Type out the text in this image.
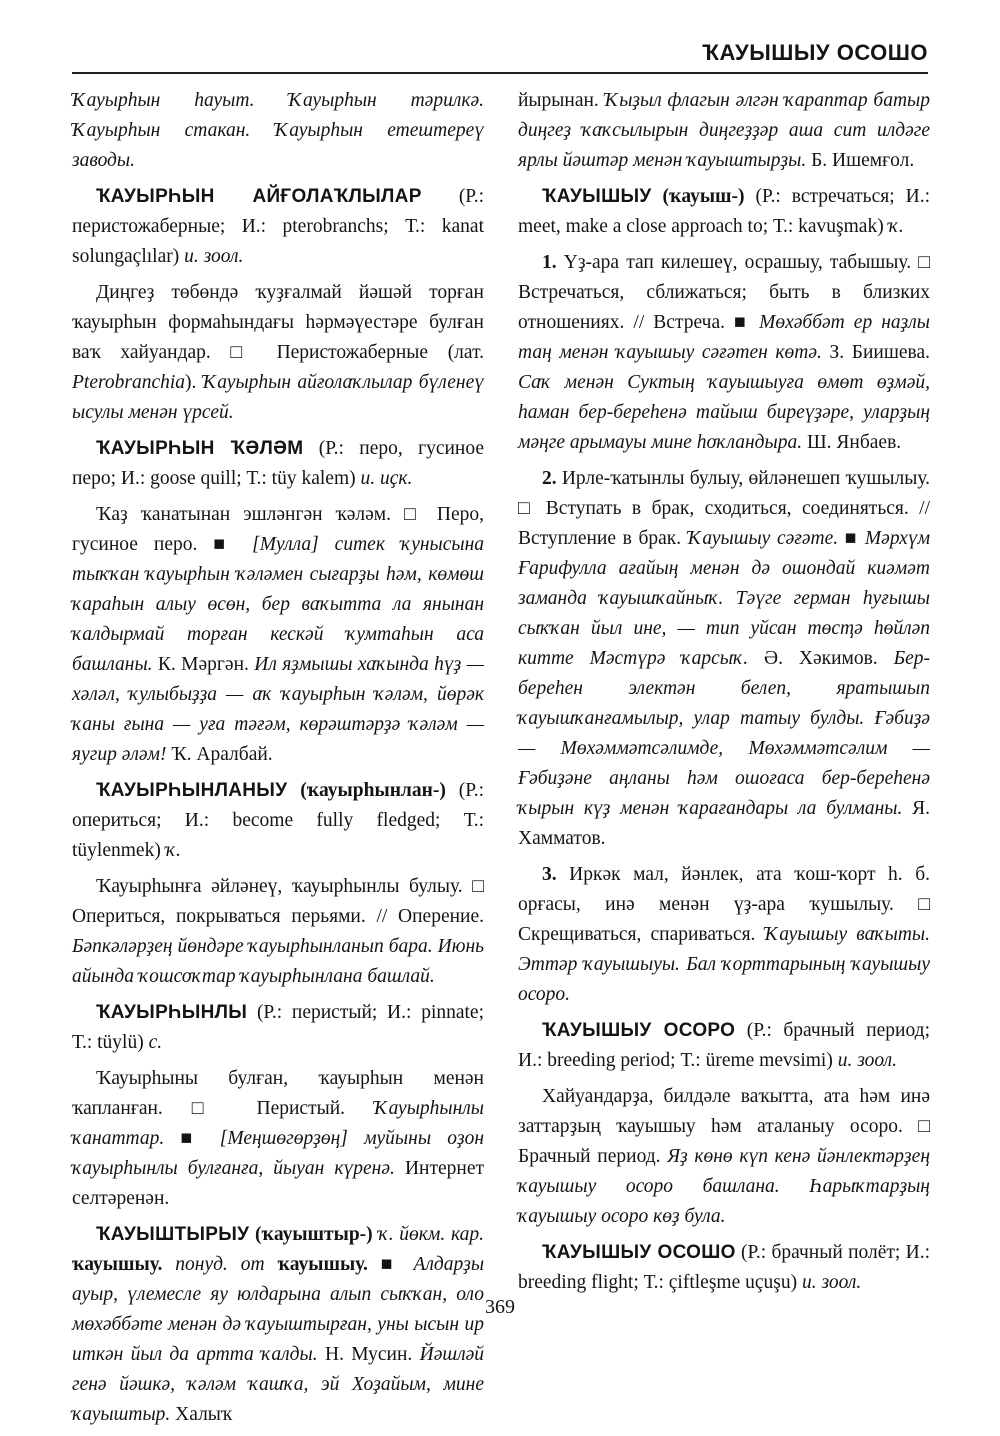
ҠАУЫШЫУ ОСОШО

Ҡауырһын һауыт. Ҡауырһын тәрилкә. Ҡауырһын стакан. Ҡауырһын етештереү заводы.

ҠАУЫРҺЫН АЙҒОЛАҠЛЫЛАР (Р.: перистожаберные; И.: pterobranchs; Т.: kanat solungaçlılar) и. зоол.

Диңгеҙ төбөндә ҡуҙғалмай йәшәй торған ҡауырһын формаһындағы һәрмәүестәре булған ваҡ хайуандар. □ Перистожаберные (лат. Pterobranchia). Ҡауырһын айғолаҡлылар бүленеү ысулы менән үрсей.

ҠАУЫРҺЫН ҠӘЛӘМ (Р.: перо, гусиное перо; И.: goose quill; Т.: tüy kalem) и. иҫк.

Ҡаҙ ҡанатынан эшләнгән ҡәләм. □ Перо, гусиное перо. ■ [Мулла] ситек ҡунысына тыҡҡан ҡауырһын ҡәләмен сығарҙы һәм, көмөш ҡараһын алыу өсөн, бер ваҡытта ла янынан ҡалдырмай торған кескәй ҡумтаһын аса башланы. К. Мәргән. Ил яҙмышы хаҡында һүҙ — хәләл, ҡулыбыҙҙа — аҡ ҡауырһын ҡәләм, йөрәк ҡаны ғына — уға тәғәм, көрәштәрҙә ҡәләм — яугир әләм! Ҡ. Аралбай.

ҠАУЫРҺЫНЛАНЫУ (ҡауырһынлан-) (Р.: опериться; И.: become fully fledged; Т.: tüylenmek) ҡ.

Ҡауырһынға әйләнеү, ҡауырһынлы булыу. □ Опериться, покрываться перьями. // Оперение. Бәпкәләрҙең йөндәре ҡауырһынланып бара. Июнь айында ҡошсоҡтар ҡауырһынлана башлай.

ҠАУЫРҺЫНЛЫ (Р.: перистый; И.: pinnate; Т.: tüylü) с.

Ҡауырһыны булған, ҡауырһын менән ҡапланған. □ Перистый. Ҡауырһынлы ҡанаттар. ■ [Меңшөгөрҙөң] муйыны оҙон ҡауырһынлы булғанға, йыуан күренә. Интернет селтәренән.

ҠАУЫШТЫРЫУ (ҡауыштыр-) ҡ. йөкм. кар. ҡауышыу. понуд. от ҡауышыу. ■ Алдарҙы ауыр, үлемесле яу юлдарына алып сыҡҡан, оло мөхәббәте менән дә ҡауыштырған, уны ысын ир иткән йыл да артта ҡалды. Н. Мусин. Йәшләй генә йәшкә, ҡәләм ҡашҡа, эй Хоҙайым, мине ҡауыштыр. Халыҡ

йырынан. Ҡыҙыл флагын әлгән ҡараптар батыр диңгеҙ ҡаҡсылырын диңгеҙҙәр аша сит илдәге ярлы йәштәр менән ҡауыштырҙы. Б. Ишемғол.

ҠАУЫШЫУ (ҡауыш-) (Р.: встречаться; И.: meet, make a close approach to; Т.: kavuşmak) ҡ.

1. Үҙ-ара тап килешеү, осрашыу, табышыу. □ Встречаться, сближаться; быть в близких отношениях. // Встреча. ■ Мөхәббәт ер наҙлы таң менән ҡауышыу сәғәтен көтә. З. Биишева. Саҡ менән Суктың ҡауышыуға өмөт өҙмәй, һаман бер-береһенә тайыш биреүҙәре, уларҙың мәңге арымауы мине һоҡландыра. Ш. Янбаев.

2. Ирле-ҡатынлы булыу, өйләнешеп ҡушылыу. □ Вступать в брак, сходиться, соединяться. // Вступление в брак. Ҡауышыу сәғәте. ■ Мәрхүм Ғарифулла ағайың менән дә ошондай киәмәт заманда ҡауышҡайныҡ. Тәүге герман һуғышы сыҡҡан йыл ине, — тип уйсан төсҭә һөйләп китте Мәстүрә ҡарсыҡ. Ә. Хәкимов. Бер-береһен электән белеп, яратышып ҡауышҡанғамылыр, улар татыу булды. Ғәбиҙә — Мөхәммәтсәлимде, Мөхәммәтсәлим — Ғәбиҙәне аңланы һәм ошоғаса бер-береһенә ҡырын күҙ менән ҡарағандары ла булманы. Я. Хамматов.

3. Иркәк мал, йәнлек, ата ҡош-ҡорт һ. б. орғасы, инә менән үҙ-ара ҡушылыу. □ Скрещиваться, спариваться. Ҡауышыу ваҡыты. Эттәр ҡауышыуы. Бал ҡорттарының ҡауышыу осоро.

ҠАУЫШЫУ ОСОРО (Р.: брачный период; И.: breeding period; Т.: üreme mevsimi) и. зоол.

Хайуандарҙа, билдәле ваҡытта, ата һәм инә заттарҙың ҡауышыу һәм аталаныу осоро. □ Брачный период. Яҙ көнө күп кенә йәнлектәрҙең ҡауышыу осоро башлана. Һарыҡтарҙың ҡауышыу осоро көҙ була.

ҠАУЫШЫУ ОСОШО (Р.: брачный полёт; И.: breeding flight; Т.: çiftleşme uçuşu) и. зоол.

369
